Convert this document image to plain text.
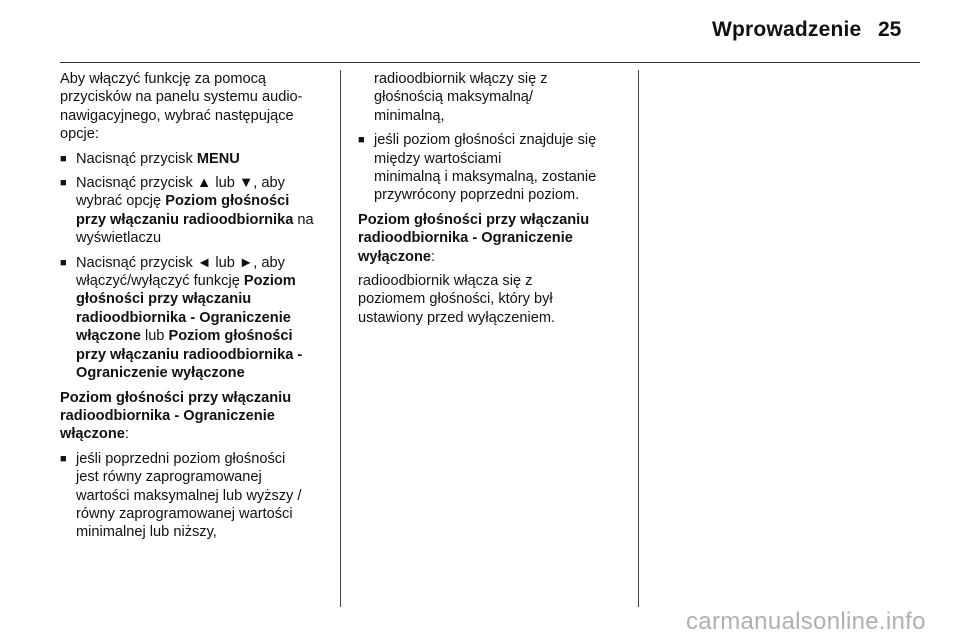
Wprowadzenie 25

Aby włączyć funkcję za pomocą
przycisków na panelu systemu audio-
nawigacyjnego, wybrać następujące
opcje:

■ Nacisnąć przycisk MENU
■ Nacisnąć przycisk ▲ lub ▼, aby
wybrać opcję Poziom głośności
przy włączaniu radioodbiornika na
wyświetlaczu
■ Nacisnąć przycisk ◄ lub ►, aby
włączyć/wyłączyć funkcję Poziom
głośności przy włączaniu
radioodbiornika - Ograniczenie
włączone lub Poziom głośności
przy włączaniu radioodbiornika -
Ograniczenie wyłączone

Poziom głośności przy włączaniu
radioodbiornika - Ograniczenie
włączone:

■ jeśli poprzedni poziom głośności
jest równy zaprogramowanej
wartości maksymalnej lub wyższy /
równy zaprogramowanej wartości
minimalnej lub niższy,
radioodbiornik włączy się z
głośnością maksymalną/
minimalną,
■ jeśli poziom głośności znajduje się
między wartościami
minimalną i maksymalną, zostanie
przywrócony poprzedni poziom.

Poziom głośności przy włączaniu
radioodbiornika - Ograniczenie
wyłączone:

radioodbiornik włącza się z
poziomem głośności, który był
ustawiony przed wyłączeniem.

carmanualsonline.info
